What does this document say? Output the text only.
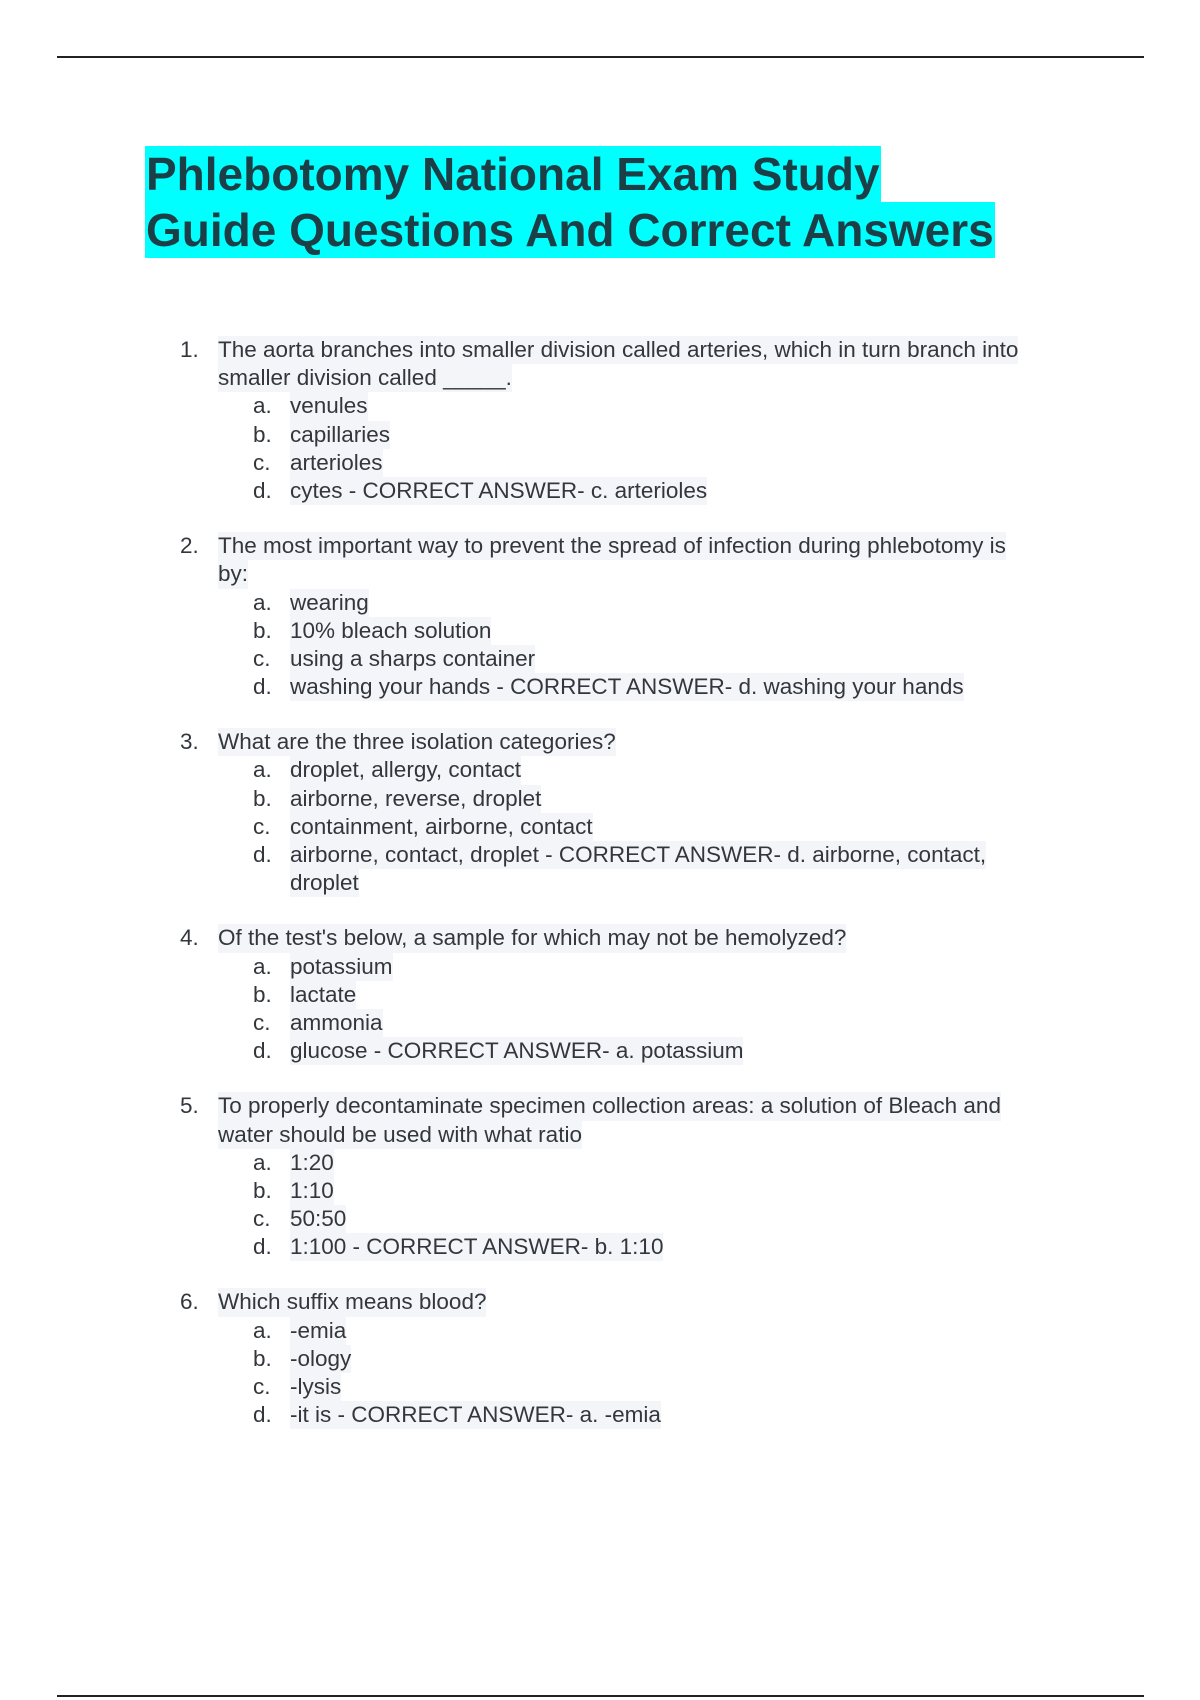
Phlebotomy National Exam Study
Guide Questions And Correct Answers
1. The aorta branches into smaller division called arteries, which in turn branch into
smaller division called _____.
a. venules
b. capillaries
c. arterioles
d. cytes - CORRECT ANSWER- c. arterioles
2. The most important way to prevent the spread of infection during phlebotomy is
by:
a. wearing
b. 10% bleach solution
c. using a sharps container
d. washing your hands - CORRECT ANSWER- d. washing your hands
3. What are the three isolation categories?
a. droplet, allergy, contact
b. airborne, reverse, droplet
c. containment, airborne, contact
d. airborne, contact, droplet - CORRECT ANSWER- d. airborne, contact,
droplet
4. Of the test's below, a sample for which may not be hemolyzed?
a. potassium
b. lactate
c. ammonia
d. glucose - CORRECT ANSWER- a. potassium
5. To properly decontaminate specimen collection areas: a solution of Bleach and
water should be used with what ratio
a. 1:20
b. 1:10
c. 50:50
d. 1:100 - CORRECT ANSWER- b. 1:10
6. Which suffix means blood?
a. -emia
b. -ology
c. -lysis
d. -it is - CORRECT ANSWER- a. -emia
